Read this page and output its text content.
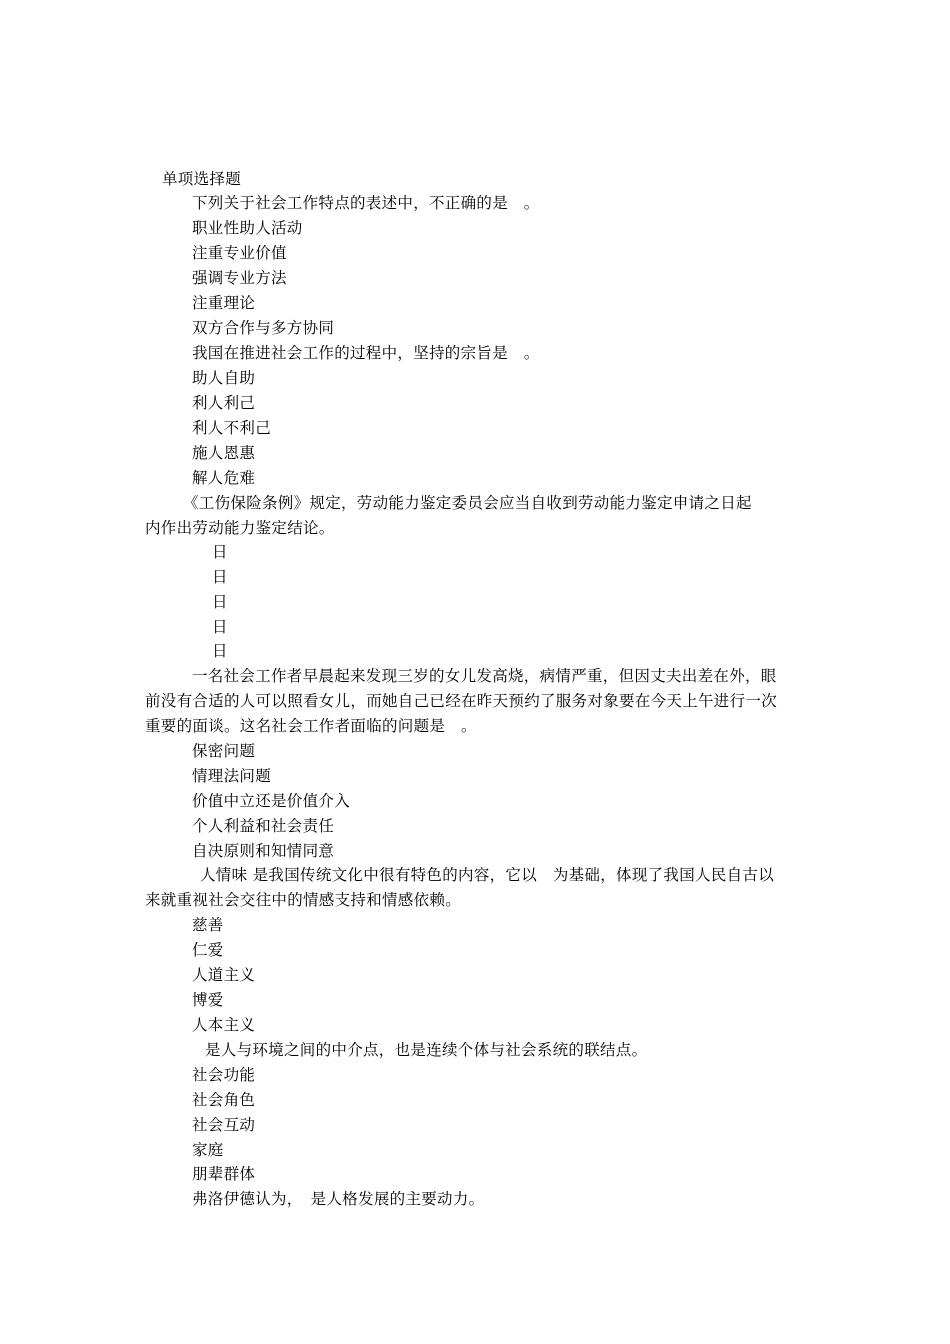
单项选择题
下列关于社会工作特点的表述中，不正确的是　。
职业性助人活动
注重专业价值
强调专业方法
注重理论
双方合作与多方协同
我国在推进社会工作的过程中，坚持的宗旨是　。
助人自助
利人利己
利人不利己
施人恩惠
解人危难
《工伤保险条例》规定，劳动能力鉴定委员会应当自收到劳动能力鉴定申请之日起
内作出劳动能力鉴定结论。
日
日
日
日
日
一名社会工作者早晨起来发现三岁的女儿发高烧，病情严重，但因丈夫出差在外，眼
前没有合适的人可以照看女儿，而她自己已经在昨天预约了服务对象要在今天上午进行一次
重要的面谈。这名社会工作者面临的问题是　。
保密问题
情理法问题
价值中立还是价值介入
个人利益和社会责任
自决原则和知情同意
人情味 是我国传统文化中很有特色的内容，它以　为基础，体现了我国人民自古以
来就重视社会交往中的情感支持和情感依赖。
慈善
仁爱
人道主义
博爱
人本主义
是人与环境之间的中介点，也是连续个体与社会系统的联结点。
社会功能
社会角色
社会互动
家庭
朋辈群体
弗洛伊德认为，　是人格发展的主要动力。
